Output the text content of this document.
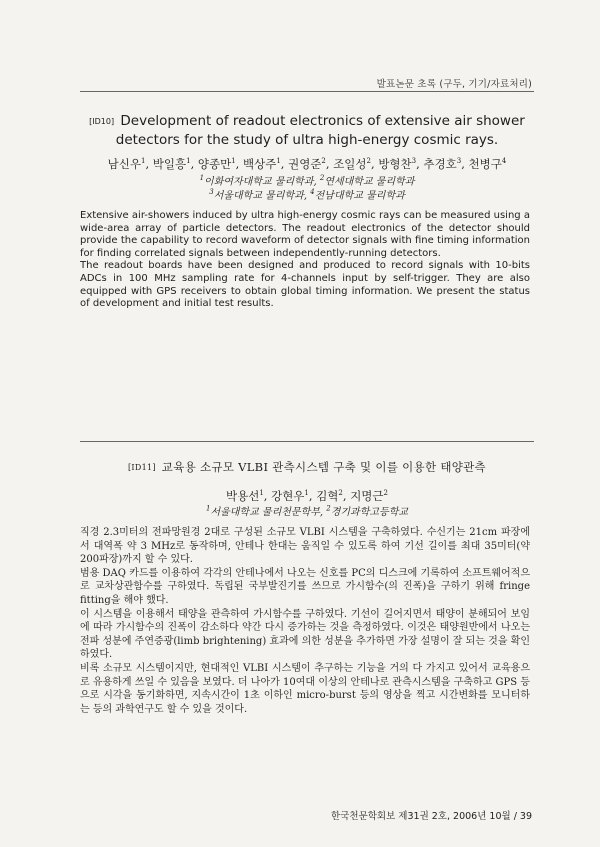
발표논문 초록 (구두, 기기/자료처리)
[ID10] Development of readout electronics of extensive air shower
detectors for the study of ultra high-energy cosmic rays.
남신우$^1$, 박일흥$^1$, 양종만$^1$, 백상주$^1$, 권영준$^2$, 조일성$^2$, 방형찬$^3$, 추경호$^3$, 천병구$^4$
$^1$이화여자대학교 물리학과, $^2$연세대학교 물리학과
$^3$서울대학교 물리학과, $^4$전남대학교 물리학과

Extensive air-showers induced by ultra high-energy cosmic rays can be measured using a wide-area array of particle detectors. The readout electronics of the detector should provide the capability to record waveform of detector signals with fine timing information for finding correlated signals between independently-running detectors.

The readout boards have been designed and produced to record signals with 10-bits ADCs in 100 MHz sampling rate for 4-channels input by self-trigger. They are also equipped with GPS receivers to obtain global timing information. We present the status of development and initial test results.

[ID11] 교육용 소규모 VLBI 관측시스템 구축 및 이를 이용한 태양관측
박용선$^1$, 강현우$^1$, 김혁$^2$, 지명근$^2$
$^1$서울대학교 물리천문학부, $^2$경기과학고등학교

직경 2.3미터의 전파망원경 2대로 구성된 소규모 VLBI 시스템을 구축하였다. 수신기는 21cm 파장에서 대역폭 약 3 MHz로 동작하며, 안테나 한대는 움직일 수 있도록 하여 기선 길이를 최대 35미터(약 200파장)까지 할 수 있다.

범용 DAQ 카드를 이용하여 각각의 안테나에서 나오는 신호를 PC의 디스크에 기록하여 소프트웨어적으로 교차상관함수를 구하였다. 독립된 국부발진기를 쓰므로 가시함수(의 진폭)을 구하기 위해 fringe fitting을 해야 했다.

이 시스템을 이용해서 태양을 관측하여 가시함수를 구하였다. 기선이 길어지면서 태양이 분해되어 보임에 따라 가시함수의 진폭이 감소하다 약간 다시 증가하는 것을 측정하였다. 이것은 태양원반에서 나오는 전파 성분에 주연증광(limb brightening) 효과에 의한 성분을 추가하면 가장 설명이 잘 되는 것을 확인하였다.

비록 소규모 시스템이지만, 현대적인 VLBI 시스템이 추구하는 기능을 거의 다 가지고 있어서 교육용으로 유용하게 쓰일 수 있음을 보였다. 더 나아가 10여대 이상의 안테나로 관측시스템을 구축하고 GPS 등으로 시각을 동기화하면, 지속시간이 1초 이하인 micro-burst 등의 영상을 찍고 시간변화를 모니터하는 등의 과학연구도 할 수 있을 것이다.

한국천문학회보 제31권 2호, 2006년 10월 / 39
